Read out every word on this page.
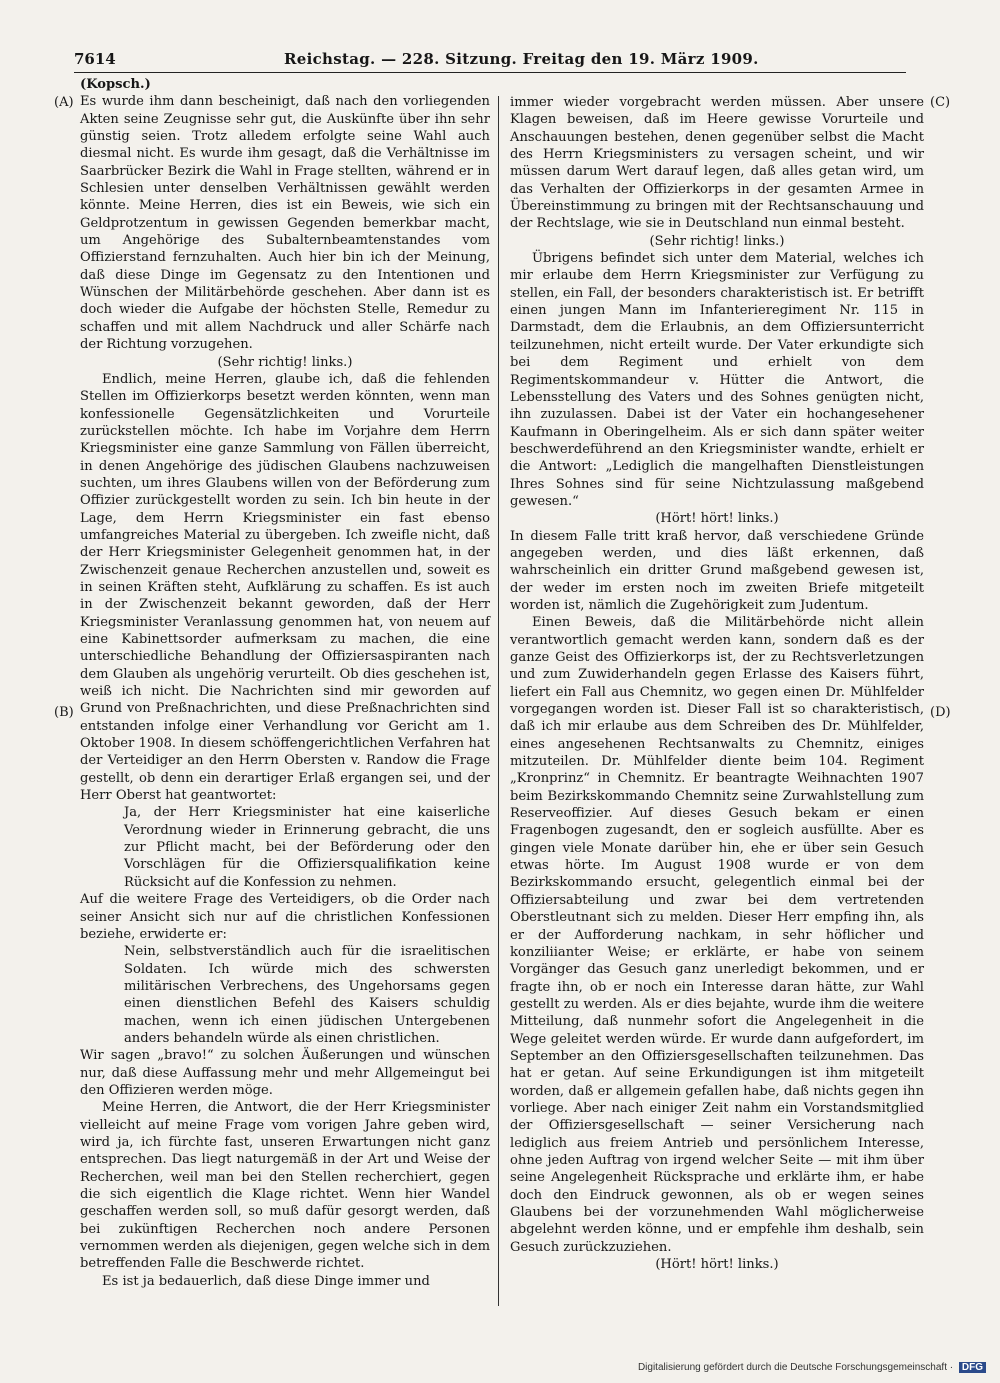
7614	Reichstag. — 228. Sitzung. Freitag den 19. März 1909.
(A)
(B)
(C)
(D)

(Kopsch.)

Es wurde ihm dann bescheinigt, daß nach den vorliegenden Akten seine Zeugnisse sehr gut, die Auskünfte über ihn sehr günstig seien. Trotz alledem erfolgte seine Wahl auch diesmal nicht. Es wurde ihm gesagt, daß die Verhältnisse im Saarbrücker Bezirk die Wahl in Frage stellten, während er in Schlesien unter denselben Verhältnissen gewählt werden könnte. Meine Herren, dies ist ein Beweis, wie sich ein Geldprotzentum in gewissen Gegenden bemerkbar macht, um Angehörige des Subalternbeamtenstandes vom Offizierstand fernzuhalten. Auch hier bin ich der Meinung, daß diese Dinge im Gegensatz zu den Intentionen und Wünschen der Militärbehörde geschehen. Aber dann ist es doch wieder die Aufgabe der höchsten Stelle, Remedur zu schaffen und mit allem Nachdruck und aller Schärfe nach der Richtung vorzugehen.

(Sehr richtig! links.)

Endlich, meine Herren, glaube ich, daß die fehlenden Stellen im Offizierkorps besetzt werden könnten, wenn man konfessionelle Gegensätzlichkeiten und Vorurteile zurückstellen möchte. Ich habe im Vorjahre dem Herrn Kriegsminister eine ganze Sammlung von Fällen überreicht, in denen Angehörige des jüdischen Glaubens nachzuweisen suchten, um ihres Glaubens willen von der Beförderung zum Offizier zurückgestellt worden zu sein. Ich bin heute in der Lage, dem Herrn Kriegsminister ein fast ebenso umfangreiches Material zu übergeben. Ich zweifle nicht, daß der Herr Kriegsminister Gelegenheit genommen hat, in der Zwischenzeit genaue Recherchen anzustellen und, soweit es in seinen Kräften steht, Aufklärung zu schaffen. Es ist auch in der Zwischenzeit bekannt geworden, daß der Herr Kriegsminister Veranlassung genommen hat, von neuem auf eine Kabinettsorder aufmerksam zu machen, die eine unterschiedliche Behandlung der Offiziersaspiranten nach dem Glauben als ungehörig verurteilt. Ob dies geschehen ist, weiß ich nicht. Die Nachrichten sind mir geworden auf Grund von Preßnachrichten, und diese Preßnachrichten sind entstanden infolge einer Verhandlung vor Gericht am 1. Oktober 1908. In diesem schöffengerichtlichen Verfahren hat der Verteidiger an den Herrn Obersten v. Randow die Frage gestellt, ob denn ein derartiger Erlaß ergangen sei, und der Herr Oberst hat geantwortet:

Ja, der Herr Kriegsminister hat eine kaiserliche Verordnung wieder in Erinnerung gebracht, die uns zur Pflicht macht, bei der Beförderung oder den Vorschlägen für die Offiziersqualifikation keine Rücksicht auf die Konfession zu nehmen.

Auf die weitere Frage des Verteidigers, ob die Order nach seiner Ansicht sich nur auf die christlichen Konfessionen beziehe, erwiderte er:

Nein, selbstverständlich auch für die israelitischen Soldaten. Ich würde mich des schwersten militärischen Verbrechens, des Ungehorsams gegen einen dienstlichen Befehl des Kaisers schuldig machen, wenn ich einen jüdischen Untergebenen anders behandeln würde als einen christlichen.

Wir sagen „bravo!“ zu solchen Äußerungen und wünschen nur, daß diese Auffassung mehr und mehr Allgemeingut bei den Offizieren werden möge.

Meine Herren, die Antwort, die der Herr Kriegsminister vielleicht auf meine Frage vom vorigen Jahre geben wird, wird ja, ich fürchte fast, unseren Erwartungen nicht ganz entsprechen. Das liegt naturgemäß in der Art und Weise der Recherchen, weil man bei den Stellen recherchiert, gegen die sich eigentlich die Klage richtet. Wenn hier Wandel geschaffen werden soll, so muß dafür gesorgt werden, daß bei zukünftigen Recherchen noch andere Personen vernommen werden als diejenigen, gegen welche sich in dem betreffenden Falle die Beschwerde richtet.

Es ist ja bedauerlich, daß diese Dinge immer und

immer wieder vorgebracht werden müssen. Aber unsere Klagen beweisen, daß im Heere gewisse Vorurteile und Anschauungen bestehen, denen gegenüber selbst die Macht des Herrn Kriegsministers zu versagen scheint, und wir müssen darum Wert darauf legen, daß alles getan wird, um das Verhalten der Offizierkorps in der gesamten Armee in Übereinstimmung zu bringen mit der Rechtsanschauung und der Rechtslage, wie sie in Deutschland nun einmal besteht.

(Sehr richtig! links.)

Übrigens befindet sich unter dem Material, welches ich mir erlaube dem Herrn Kriegsminister zur Verfügung zu stellen, ein Fall, der besonders charakteristisch ist. Er betrifft einen jungen Mann im Infanterieregiment Nr. 115 in Darmstadt, dem die Erlaubnis, an dem Offiziersunterricht teilzunehmen, nicht erteilt wurde. Der Vater erkundigte sich bei dem Regiment und erhielt von dem Regimentskommandeur v. Hütter die Antwort, die Lebensstellung des Vaters und des Sohnes genügten nicht, ihn zuzulassen. Dabei ist der Vater ein hochangesehener Kaufmann in Oberingelheim. Als er sich dann später weiter beschwerdeführend an den Kriegsminister wandte, erhielt er die Antwort: „Lediglich die mangelhaften Dienstleistungen Ihres Sohnes sind für seine Nichtzulassung maßgebend gewesen.“

(Hört! hört! links.)

In diesem Falle tritt kraß hervor, daß verschiedene Gründe angegeben werden, und dies läßt erkennen, daß wahrscheinlich ein dritter Grund maßgebend gewesen ist, der weder im ersten noch im zweiten Briefe mitgeteilt worden ist, nämlich die Zugehörigkeit zum Judentum.

Einen Beweis, daß die Militärbehörde nicht allein verantwortlich gemacht werden kann, sondern daß es der ganze Geist des Offizierkorps ist, der zu Rechtsverletzungen und zum Zuwiderhandeln gegen Erlasse des Kaisers führt, liefert ein Fall aus Chemnitz, wo gegen einen Dr. Mühlfelder vorgegangen worden ist. Dieser Fall ist so charakteristisch, daß ich mir erlaube aus dem Schreiben des Dr. Mühlfelder, eines angesehenen Rechtsanwalts zu Chemnitz, einiges mitzuteilen. Dr. Mühlfelder diente beim 104. Regiment „Kronprinz“ in Chemnitz. Er beantragte Weihnachten 1907 beim Bezirkskommando Chemnitz seine Zurwahlstellung zum Reserveoffizier. Auf dieses Gesuch bekam er einen Fragenbogen zugesandt, den er sogleich ausfüllte. Aber es gingen viele Monate darüber hin, ehe er über sein Gesuch etwas hörte. Im August 1908 wurde er von dem Bezirkskommando ersucht, gelegentlich einmal bei der Offiziersabteilung und zwar bei dem vertretenden Oberstleutnant sich zu melden. Dieser Herr empfing ihn, als er der Aufforderung nachkam, in sehr höflicher und konziliianter Weise; er erklärte, er habe von seinem Vorgänger das Gesuch ganz unerledigt bekommen, und er fragte ihn, ob er noch ein Interesse daran hätte, zur Wahl gestellt zu werden. Als er dies bejahte, wurde ihm die weitere Mitteilung, daß nunmehr sofort die Angelegenheit in die Wege geleitet werden würde. Er wurde dann aufgefordert, im September an den Offiziersgesellschaften teilzunehmen. Das hat er getan. Auf seine Erkundigungen ist ihm mitgeteilt worden, daß er allgemein gefallen habe, daß nichts gegen ihn vorliege. Aber nach einiger Zeit nahm ein Vorstandsmitglied der Offiziersgesellschaft — seiner Versicherung nach lediglich aus freiem Antrieb und persönlichem Interesse, ohne jeden Auftrag von irgend welcher Seite — mit ihm über seine Angelegenheit Rücksprache und erklärte ihm, er habe doch den Eindruck gewonnen, als ob er wegen seines Glaubens bei der vorzunehmenden Wahl möglicherweise abgelehnt werden könne, und er empfehle ihm deshalb, sein Gesuch zurückzuziehen.

(Hört! hört! links.)

Digitalisierung gefördert durch die Deutsche Forschungsgemeinschaft · DFG
